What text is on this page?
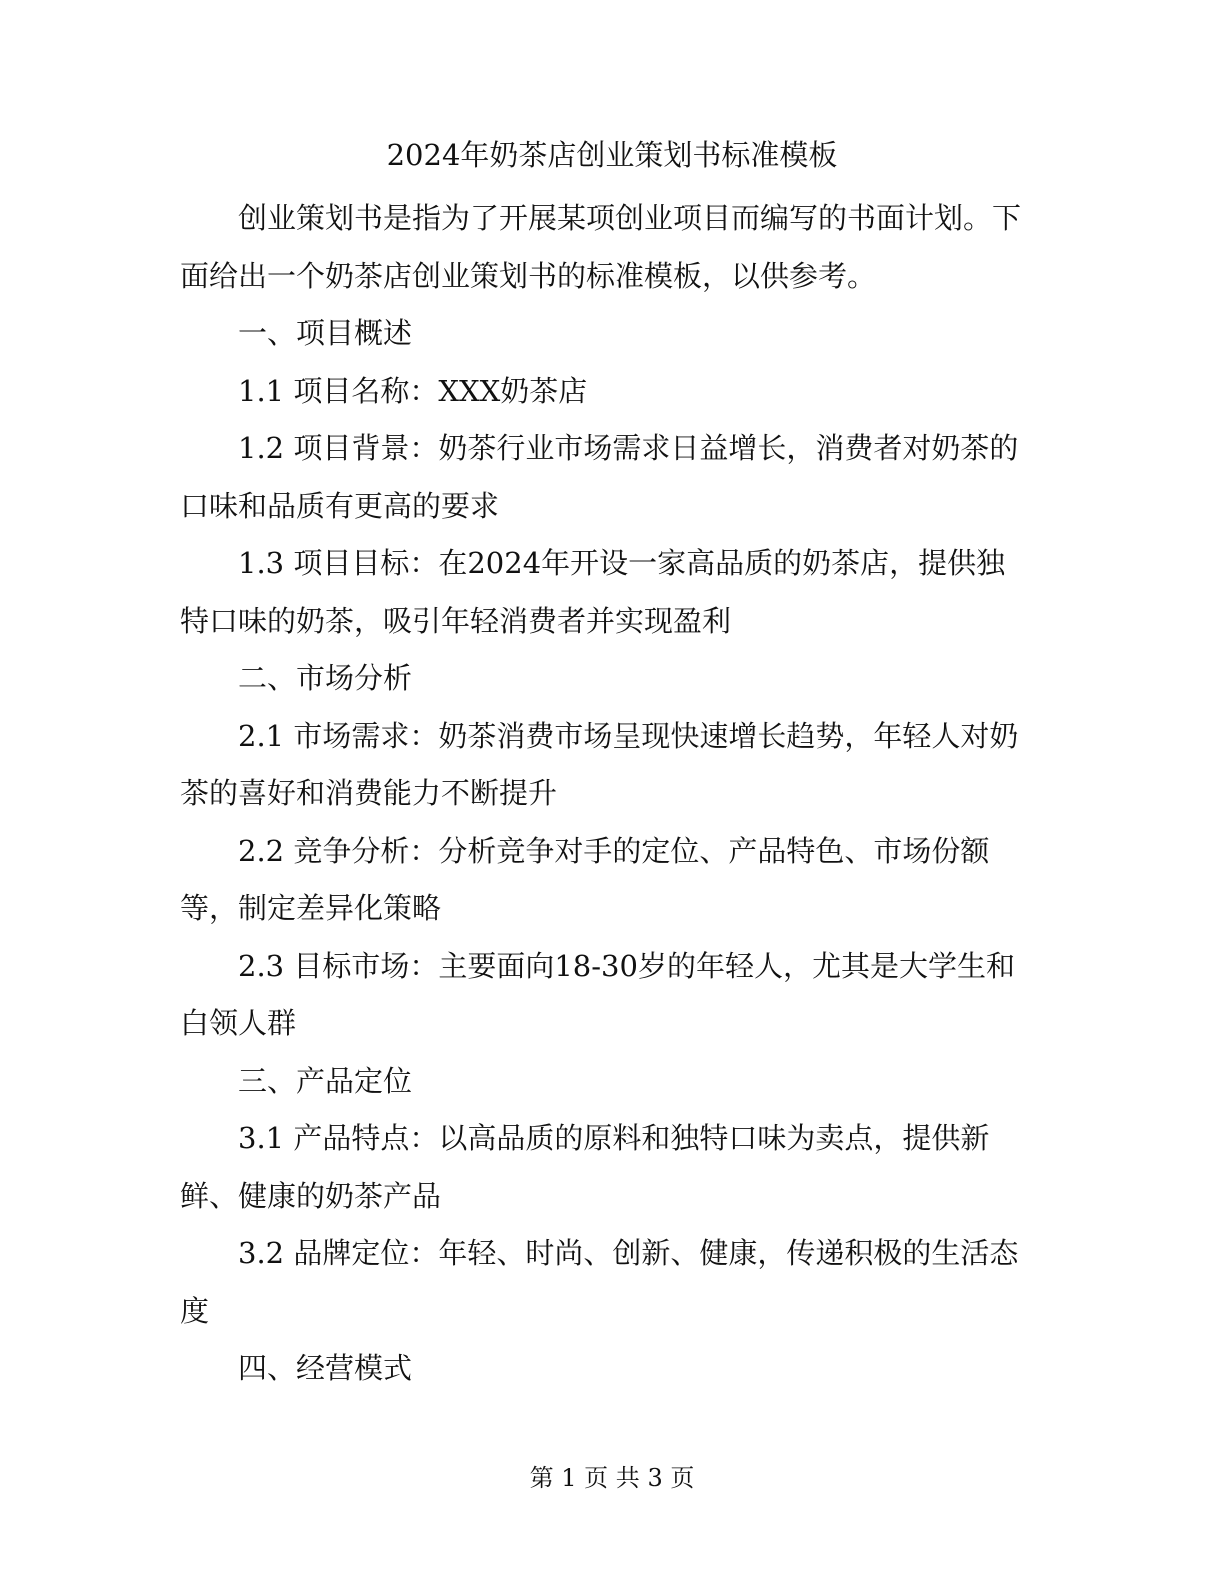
2024年奶茶店创业策划书标准模板

创业策划书是指为了开展某项创业项目而编写的书面计划。下面给出一个奶茶店创业策划书的标准模板，以供参考。

一、项目概述

1.1 项目名称：XXX奶茶店

1.2 项目背景：奶茶行业市场需求日益增长，消费者对奶茶的口味和品质有更高的要求

1.3 项目目标：在2024年开设一家高品质的奶茶店，提供独特口味的奶茶，吸引年轻消费者并实现盈利

二、市场分析

2.1 市场需求：奶茶消费市场呈现快速增长趋势，年轻人对奶茶的喜好和消费能力不断提升

2.2 竞争分析：分析竞争对手的定位、产品特色、市场份额等，制定差异化策略

2.3 目标市场：主要面向18-30岁的年轻人，尤其是大学生和白领人群

三、产品定位

3.1 产品特点：以高品质的原料和独特口味为卖点，提供新鲜、健康的奶茶产品

3.2 品牌定位：年轻、时尚、创新、健康，传递积极的生活态度

四、经营模式

第 1 页 共 3 页
